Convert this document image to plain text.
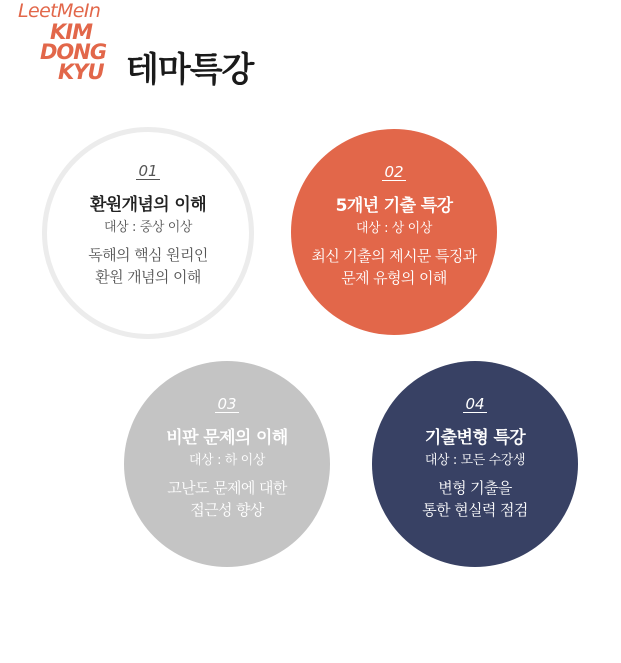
LeetMeIn
KIM
DONG
KYU 테마특강
01
환원개념의 이해
대상 : 중상 이상
독해의 핵심 원리인
환원 개념의 이해
02
5개년 기출 특강
대상 : 상 이상
최신 기출의 제시문 특징과
문제 유형의 이해
03
비판 문제의 이해
대상 : 하 이상
고난도 문제에 대한
접근성 향상
04
기출변형 특강
대상 : 모든 수강생
변형 기출을
통한 현실력 점검
